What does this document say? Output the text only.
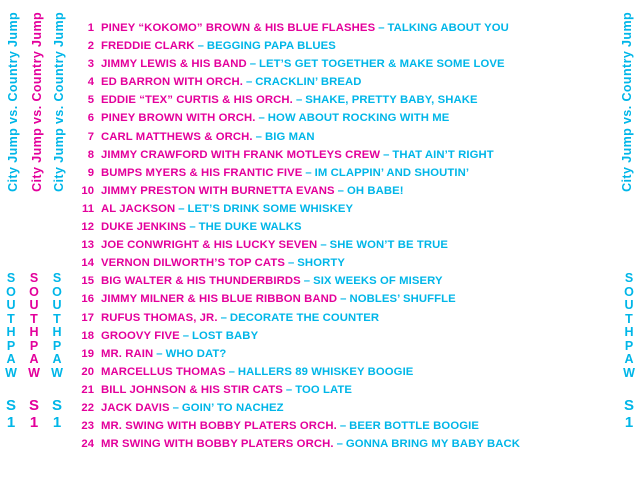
City Jump vs. Country Jump City Jump vs. Country Jump City Jump vs. Country Jump	City Jump vs. Country Jump
S
O
U
T
H
P
A
W
S
O
U
T
H
P
A
W
S
O
U
T
H
P
A
W
S
O
U
T
H
P
A
W
S
1
S
1
S
1
S
1
1 PINEY “KOKOMO” BROWN & HIS BLUE FLASHES – TALKING ABOUT YOU
2 FREDDIE CLARK – BEGGING PAPA BLUES
3 JIMMY LEWIS & HIS BAND – LET’S GET TOGETHER & MAKE SOME LOVE
4 ED BARRON WITH ORCH. – CRACKLIN’ BREAD
5 EDDIE “TEX” CURTIS & HIS ORCH. – SHAKE, PRETTY BABY, SHAKE
6 PINEY BROWN WITH ORCH. – HOW ABOUT ROCKING WITH ME
7 CARL MATTHEWS & ORCH. – BIG MAN
8 JIMMY CRAWFORD WITH FRANK MOTLEYS CREW – THAT AIN’T RIGHT
9 BUMPS MYERS & HIS FRANTIC FIVE – IM CLAPPIN’ AND SHOUTIN’
10 JIMMY PRESTON WITH BURNETTA EVANS – OH BABE!
11 AL JACKSON – LET’S DRINK SOME WHISKEY
12 DUKE JENKINS – THE DUKE WALKS
13 JOE CONWRIGHT & HIS LUCKY SEVEN – SHE WON’T BE TRUE
14 VERNON DILWORTH’S TOP CATS – SHORTY
15 BIG WALTER & HIS THUNDERBIRDS – SIX WEEKS OF MISERY
16 JIMMY MILNER & HIS BLUE RIBBON BAND – NOBLES’ SHUFFLE
17 RUFUS THOMAS, JR. – DECORATE THE COUNTER
18 GROOVY FIVE – LOST BABY
19 MR. RAIN – WHO DAT?
20 MARCELLUS THOMAS – HALLERS 89 WHISKEY BOOGIE
21 BILL JOHNSON & HIS STIR CATS – TOO LATE
22 JACK DAVIS – GOIN’ TO NACHEZ
23 MR. SWING WITH BOBBY PLATERS ORCH. – BEER BOTTLE BOOGIE
24 MR SWING WITH BOBBY PLATERS ORCH. – GONNA BRING MY BABY BACK
